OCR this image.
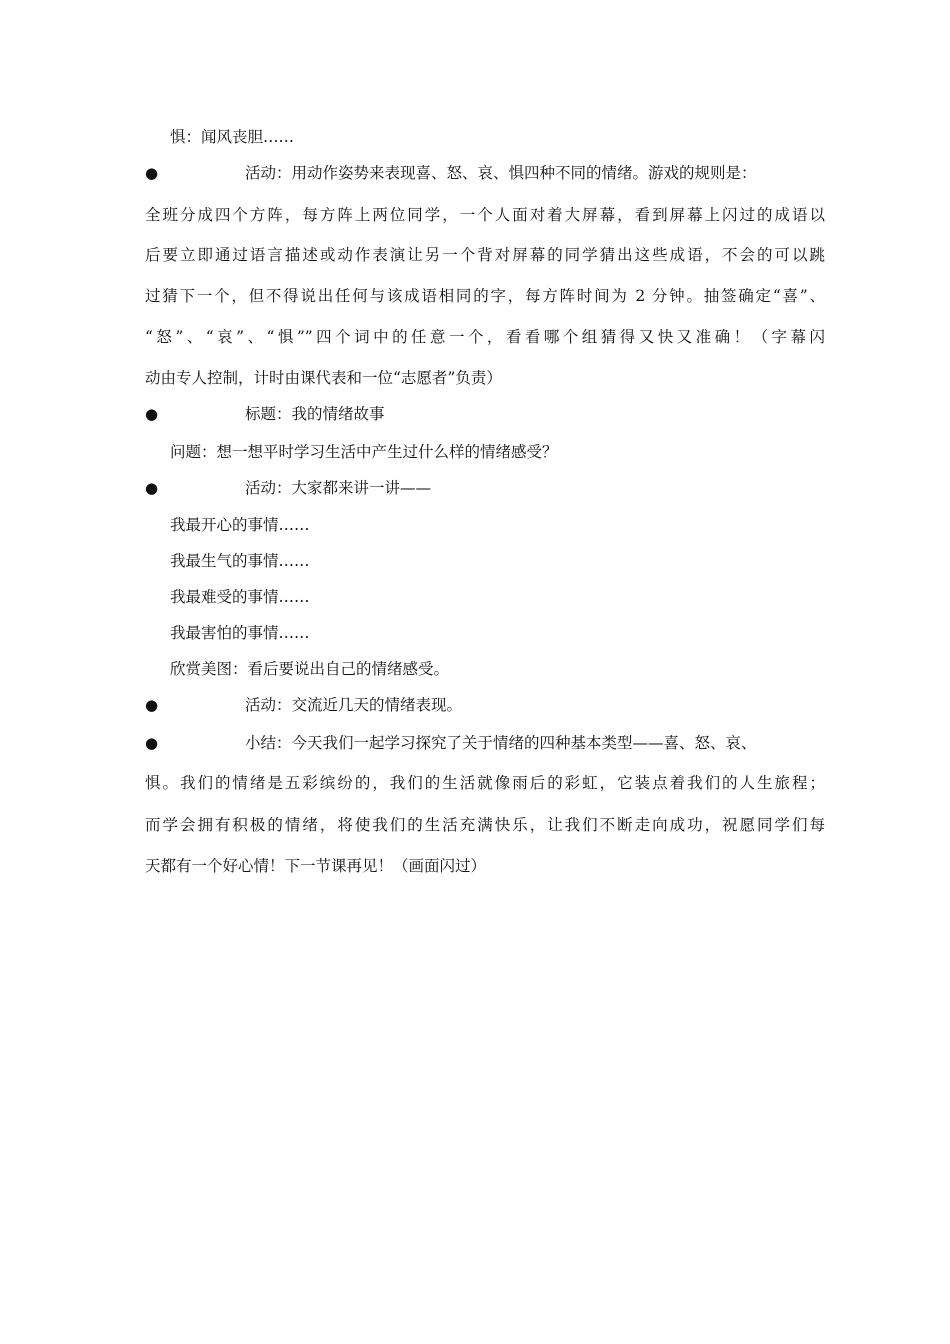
惧：闻风丧胆……
●	活动：用动作姿势来表现喜、怒、哀、惧四种不同的情绪。游戏的规则是：
全班分成四个方阵，每方阵上两位同学，一个人面对着大屏幕，看到屏幕上闪过的成语以
后要立即通过语言描述或动作表演让另一个背对屏幕的同学猜出这些成语，不会的可以跳
过猜下一个，但不得说出任何与该成语相同的字，每方阵时间为 2 分钟。抽签确定“喜”、
“怒”、“哀”、“惧””四个词中的任意一个，看看哪个组猜得又快又准确！（字幕闪
动由专人控制，计时由课代表和一位“志愿者”负责）
●	标题：我的情绪故事
问题：想一想平时学习生活中产生过什么样的情绪感受？
●	活动：大家都来讲一讲——
我最开心的事情……
我最生气的事情……
我最难受的事情……
我最害怕的事情……
欣赏美图：看后要说出自己的情绪感受。
●	活动：交流近几天的情绪表现。
●	小结：今天我们一起学习探究了关于情绪的四种基本类型——喜、怒、哀、
惧。我们的情绪是五彩缤纷的，我们的生活就像雨后的彩虹，它装点着我们的人生旅程；
而学会拥有积极的情绪，将使我们的生活充满快乐，让我们不断走向成功，祝愿同学们每
天都有一个好心情！下一节课再见！（画面闪过）
